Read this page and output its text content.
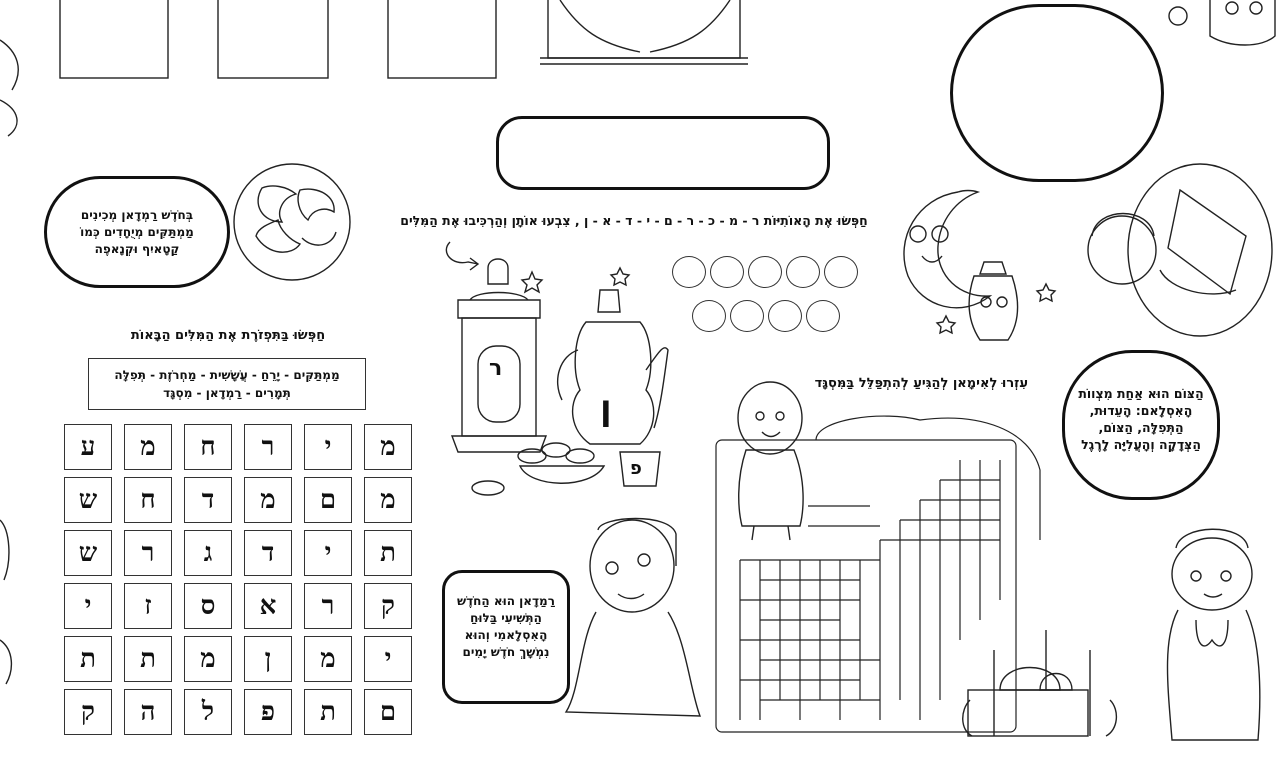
בְּחֹדֶשׁ רַמְדָאן מְכִינִים מַמְתַּקִּים מְיֻחָדִים כְּמוֹ קַטָאיִף וּקְנָאפֶה
רַמַדָאן הוּא הַחֹדֶשׁ הַתְּשִׁיעִי בַּלּוּחַ הָאִסְלָאמִי וְהוּא נִמְשָׁךְ חֹדֶשׁ יָמִים
הַצּוֹם הוּא אַחַת מִצְווֹת הָאִסְלָאם: הָעֵדוּת, הַתְּפִלָּה, הַצּוֹם, הַצְּדָקָה וְהָעֲלִיָּה לָרֶגֶל
חַפְּשׂוּ בַּתִּפְזֹרֶת אֶת הַמִּלִּים הַבָּאוֹת
חַפְּשׂוּ אֶת הָאוֹתִיּוֹת ר - מ - כ - ר - ם - י - ד - א - ן , צִבְעוּ אוֹתָן וְהַרְכִּיבוּ אֶת הַמִּלִּים
עִזְרוּ לְאִימָאן לְהַגִּיעַ לְהִתְפַּלֵּל בַּמִּסְגָּד
מַמְתַּקִּים - יָרֵחַ - עֲשָׁשִׁית - מַחְרֹזֶת - תְּפִלָּה
תְּמָרִים - רַמְדָאן - מִסְגָּד
ע	מ	ח	ר	י	מ
ש	ח	ד	מ	ם	מ
ש	ר	ג	ד	י	ת
י	ז	ס	א	ר	ק
ת	ת	מ	ן	מ	י
ק	ה	ל	פ	ת	ם
ר
ן
פ
